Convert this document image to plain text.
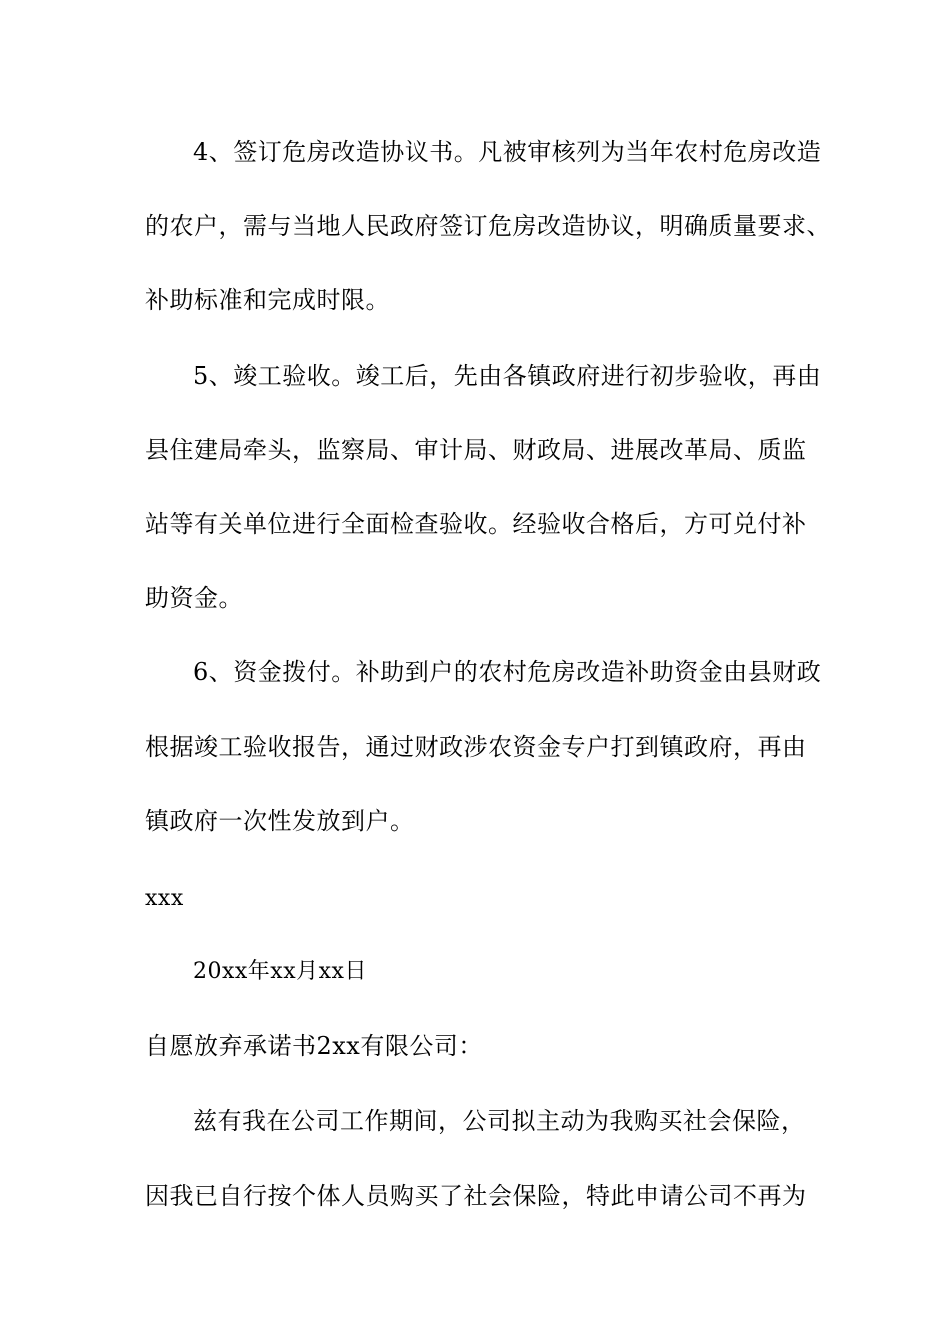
4、签订危房改造协议书。凡被审核列为当年农村危房改造
的农户，需与当地人民政府签订危房改造协议，明确质量要求、
补助标准和完成时限。
5、竣工验收。竣工后，先由各镇政府进行初步验收，再由
县住建局牵头，监察局、审计局、财政局、进展改革局、质监
站等有关单位进行全面检查验收。经验收合格后，方可兑付补
助资金。
6、资金拨付。补助到户的农村危房改造补助资金由县财政
根据竣工验收报告，通过财政涉农资金专户打到镇政府，再由
镇政府一次性发放到户。
xxx
20xx年xx月xx日
自愿放弃承诺书2xx有限公司：
兹有我在公司工作期间，公司拟主动为我购买社会保险，
因我已自行按个体人员购买了社会保险，特此申请公司不再为
